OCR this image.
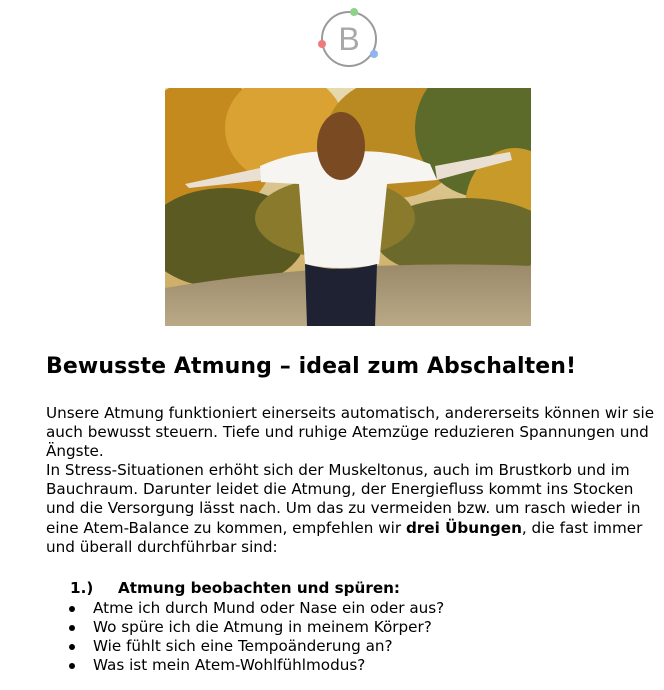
B
Bewusste Atmung – ideal zum Abschalten!

Unsere Atmung funktioniert einerseits automatisch, andererseits können wir sie auch bewusst steuern. Tiefe und ruhige Atemzüge reduzieren Spannungen und Ängste.

In Stress-Situationen erhöht sich der Muskeltonus, auch im Brustkorb und im Bauchraum. Darunter leidet die Atmung, der Energiefluss kommt ins Stocken und die Versorgung lässt nach. Um das zu vermeiden bzw. um rasch wieder in eine Atem-Balance zu kommen, empfehlen wir drei Übungen, die fast immer und überall durchführbar sind:

1.) Atmung beobachten und spüren:
Atme ich durch Mund oder Nase ein oder aus?
Wo spüre ich die Atmung in meinem Körper?
Wie fühlt sich eine Tempoänderung an?
Was ist mein Atem-Wohlfühlmodus?
